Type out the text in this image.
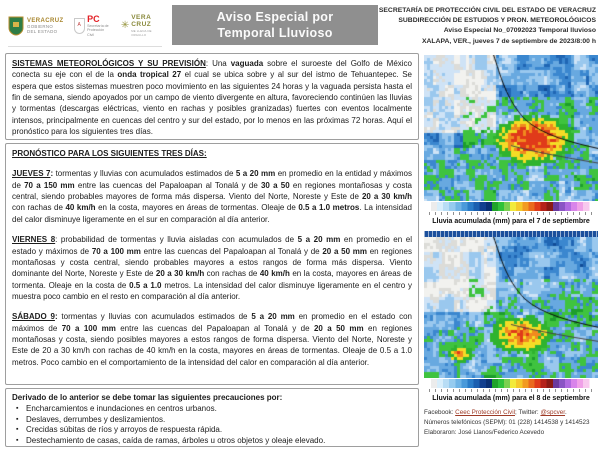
VERACRUZ
GOBIERNO
DEL ESTADO
A
PC
Secretaría de
Protección Civil
✳
VERA
CRUZ
ME LLENA DE ORGULLO
Aviso Especial por
Temporal Lluvioso
SECRETARÍA DE PROTECCIÓN CIVIL DEL ESTADO DE VERACRUZ
SUBDIRECCIÓN DE ESTUDIOS Y PRON. METEOROLÓGICOS
Aviso Especial No_07092023 Temporal lluvioso
XALAPA, VER., jueves 7 de septiembre de 2023/8:00 h
SISTEMAS METEOROLÓGICOS Y SU PREVISIÓN: Una vaguada sobre el suroeste del Golfo de México conecta su eje con el de la onda tropical 27 el cual se ubica sobre y al sur del istmo de Tehuantepec. Se espera que estos sistemas muestren poco movimiento en las siguientes 24 horas y la vaguada persista hasta el fin de semana, siendo apoyados por un campo de viento divergente en altura, favoreciendo continúen las lluvias y tormentas (descargas eléctricas, viento en rachas y posibles granizadas) fuertes con eventos localmente intensos, principalmente en cuencas del centro y sur del estado, por lo menos en las próximas 72 horas. Aquí el pronóstico para los siguientes tres días.
PRONÓSTICO PARA LOS SIGUIENTES TRES DÍAS:
JUEVES 7: tormentas y lluvias con acumulados estimados de 5 a 20 mm en promedio en la entidad y máximos de 70 a 150 mm entre las cuencas del Papaloapan al Tonalá y de 30 a 50 en regiones montañosas y costa central, siendo probables mayores de forma más dispersa. Viento del Norte, Noreste y Este de 20 a 30 km/h con rachas de 40 km/h en la costa, mayores en áreas de tormentas. Oleaje de 0.5 a 1.0 metros. La intensidad del calor disminuye ligeramente en el sur en comparación al día anterior.
VIERNES 8: probabilidad de tormentas y lluvia aisladas con acumulados de 5 a 20 mm en promedio en el estado y máximos de 70 a 100 mm entre las cuencas del Papaloapan al Tonalá y de 20 a 50 mm en regiones montañosas y costa central, siendo probables mayores a estos rangos de forma más dispersa. Viento dominante del Norte, Noreste y Este de 20 a 30 km/h con rachas de 40 km/h en la costa, mayores en áreas de tormenta. Oleaje en la costa de 0.5 a 1.0 metros. La intensidad del calor disminuye ligeramente en el centro y muestra poco cambio en el resto en comparación al día anterior.
SÁBADO 9: tormentas y lluvias con acumulados estimados de 5 a 20 mm en promedio en el estado con máximos de 70 a 100 mm entre las cuencas del Papaloapan al Tonalá y de 20 a 50 mm en regiones montañosas y costa, siendo posibles mayores a estos rangos de forma dispersa. Viento del Norte, Noreste y Este de 20 a 30 km/h con rachas de 40 km/h en la costa, mayores en áreas de tormentas. Oleaje de 0.5 a 1.0 metros. Poco cambio en el comportamiento de la intensidad del calor en comparación al día anterior.
Derivado de lo anterior se debe tomar las siguientes precauciones por:
▪ Encharcamientos e inundaciones en centros urbanos.
▪ Deslaves, derrumbes y deslizamientos.
▪ Crecidas súbitas de ríos y arroyos de respuesta rápida.
▪ Destechamiento de casas, caída de ramas, árboles u otros objetos y oleaje elevado.
Lluvia acumulada (mm) para el 7 de septiembre
Lluvia acumulada (mm) para el 8 de septiembre
Facebook: Ceec Protección Civil; Twitter: @spcver.
Números telefónicos (SEPM): 01 (228) 1414538 y 1414523
Elaboraron: José Llanos/Federico Acevedo
